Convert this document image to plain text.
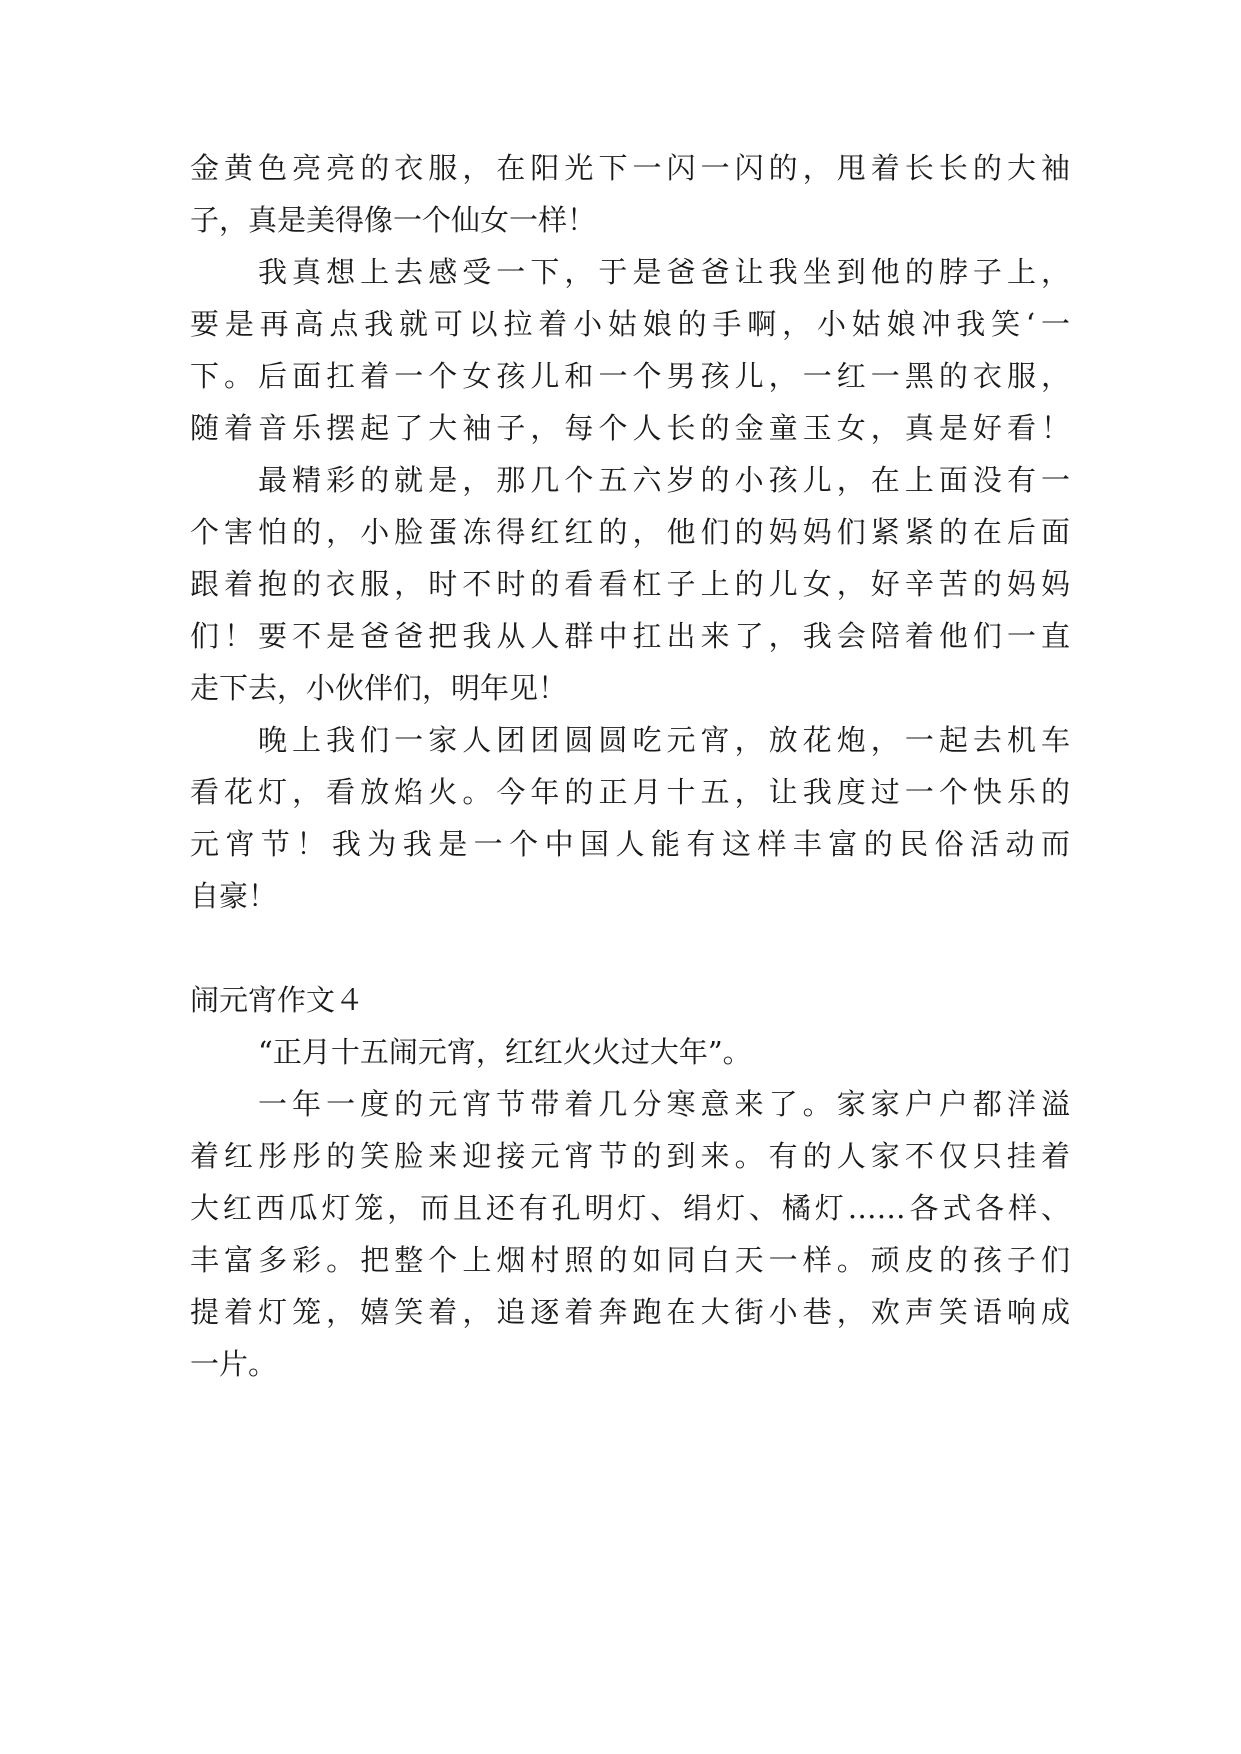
金黄色亮亮的衣服，在阳光下一闪一闪的，甩着长长的大袖
子，真是美得像一个仙女一样！
我真想上去感受一下，于是爸爸让我坐到他的脖子上，
要是再高点我就可以拉着小姑娘的手啊，小姑娘冲我笑‘一
下。后面扛着一个女孩儿和一个男孩儿，一红一黑的衣服，
随着音乐摆起了大袖子，每个人长的金童玉女，真是好看！
最精彩的就是，那几个五六岁的小孩儿，在上面没有一
个害怕的，小脸蛋冻得红红的，他们的妈妈们紧紧的在后面
跟着抱的衣服，时不时的看看杠子上的儿女，好辛苦的妈妈
们！要不是爸爸把我从人群中扛出来了，我会陪着他们一直
走下去，小伙伴们，明年见！
晚上我们一家人团团圆圆吃元宵，放花炮，一起去机车
看花灯，看放焰火。今年的正月十五，让我度过一个快乐的
元宵节！我为我是一个中国人能有这样丰富的民俗活动而
自豪！
闹元宵作文４
“正月十五闹元宵，红红火火过大年”。
一年一度的元宵节带着几分寒意来了。家家户户都洋溢
着红彤彤的笑脸来迎接元宵节的到来。有的人家不仅只挂着
大红西瓜灯笼，而且还有孔明灯、绢灯、橘灯……各式各样、
丰富多彩。把整个上烟村照的如同白天一样。顽皮的孩子们
提着灯笼，嬉笑着，追逐着奔跑在大街小巷，欢声笑语响成
一片。
